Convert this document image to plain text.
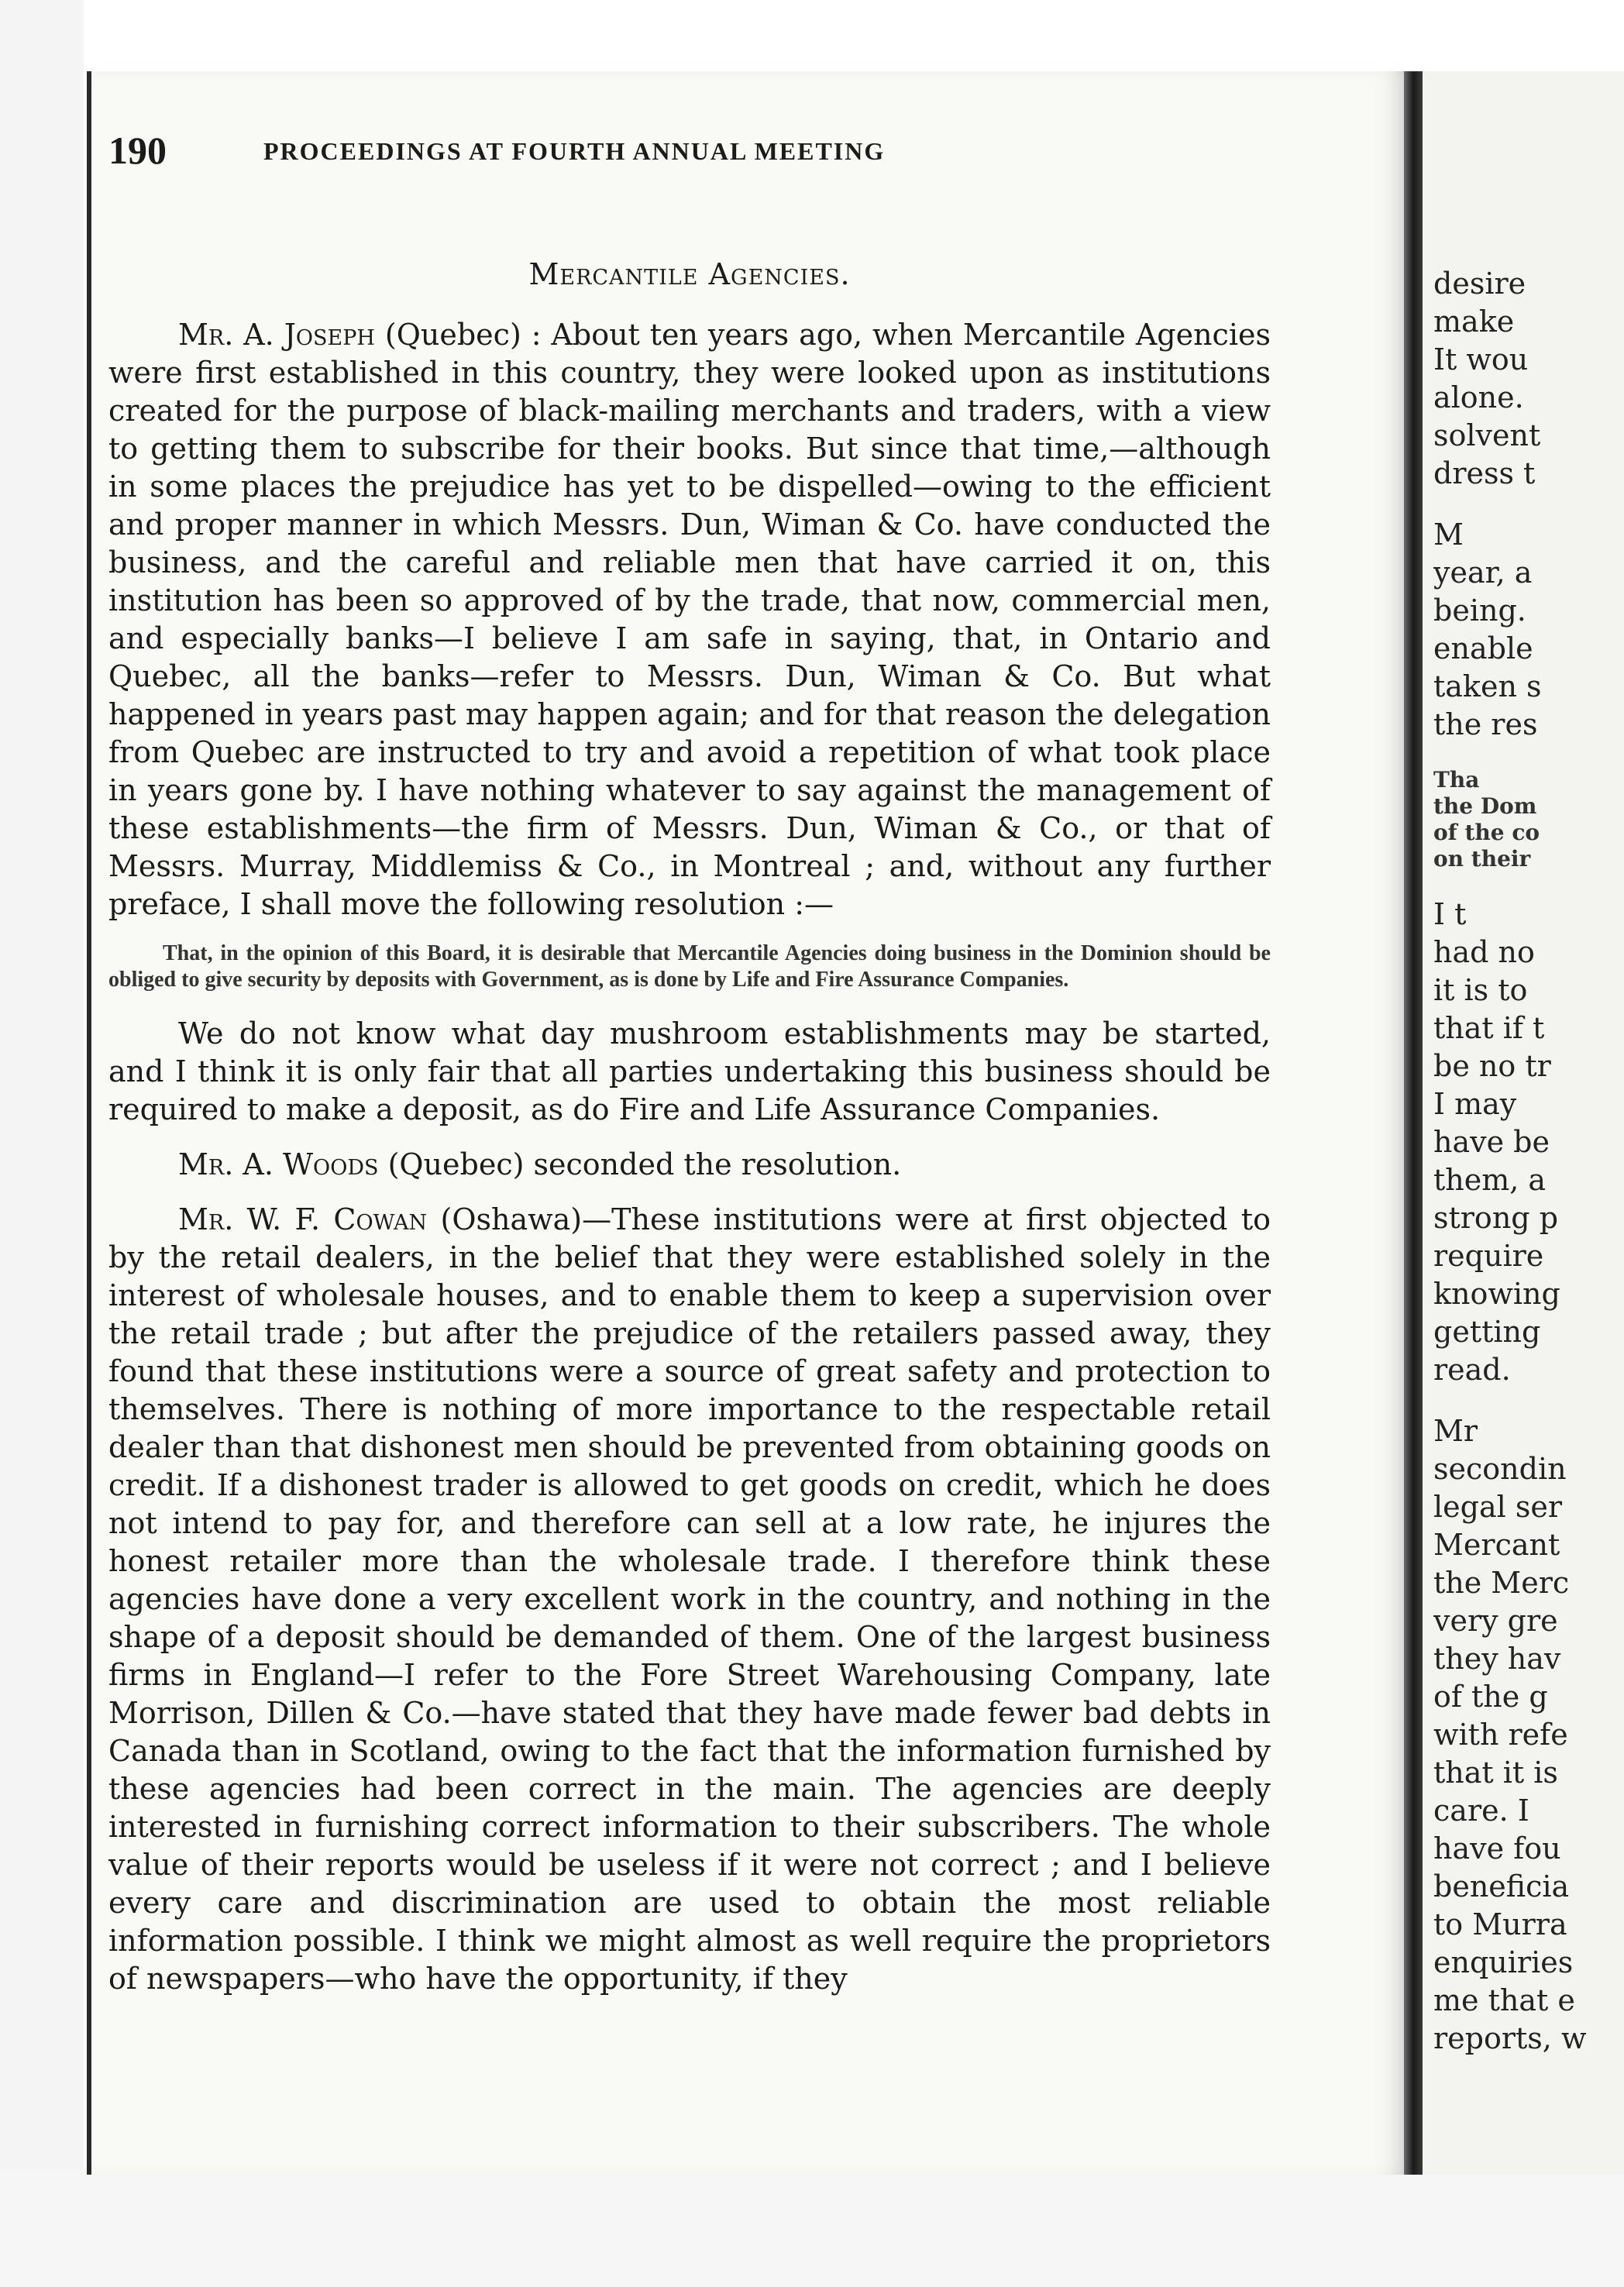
desire
make
It wou
alone.
solvent
dress t
M
year, a
being.
enable
taken s
the res
Tha
the Dom
of the co
on their
I t
had no
it is to
that if t
be no tr
I may
have be
them, a
strong p
require
knowing
getting
read.
Mr
secondin
legal ser
Mercant
the Merc
very gre
they hav
of the g
with refe
that it is
care. I
have fou
beneficia
to Murra
enquiries
me that e
reports, w
190	PROCEEDINGS AT FOURTH ANNUAL MEETING
Mercantile Agencies.

Mr. A. Joseph (Quebec) : About ten years ago, when Mercantile Agencies were first established in this country, they were looked upon as institutions created for the purpose of black-mailing merchants and traders, with a view to getting them to subscribe for their books. But since that time,—although in some places the prejudice has yet to be dispelled—owing to the efficient and proper manner in which Messrs. Dun, Wiman & Co. have conducted the business, and the careful and reliable men that have carried it on, this institution has been so approved of by the trade, that now, commercial men, and especially banks—I believe I am safe in saying, that, in Ontario and Quebec, all the banks—refer to Messrs. Dun, Wiman & Co. But what happened in years past may happen again; and for that reason the delegation from Quebec are instructed to try and avoid a repetition of what took place in years gone by. I have nothing whatever to say against the management of these establishments—the firm of Messrs. Dun, Wiman & Co., or that of Messrs. Murray, Middlemiss & Co., in Montreal ; and, without any further preface, I shall move the following resolution :—

That, in the opinion of this Board, it is desirable that Mercantile Agencies doing business in the Dominion should be obliged to give security by deposits with Government, as is done by Life and Fire Assurance Companies.

We do not know what day mushroom establishments may be started, and I think it is only fair that all parties undertaking this business should be required to make a deposit, as do Fire and Life Assurance Companies.

Mr. A. Woods (Quebec) seconded the resolution.

Mr. W. F. Cowan (Oshawa)—These institutions were at first objected to by the retail dealers, in the belief that they were established solely in the interest of wholesale houses, and to enable them to keep a supervision over the retail trade ; but after the prejudice of the retailers passed away, they found that these institutions were a source of great safety and protection to themselves. There is nothing of more importance to the respectable retail dealer than that dishonest men should be prevented from obtaining goods on credit. If a dishonest trader is allowed to get goods on credit, which he does not intend to pay for, and therefore can sell at a low rate, he injures the honest retailer more than the wholesale trade. I therefore think these agencies have done a very excellent work in the country, and nothing in the shape of a deposit should be demanded of them. One of the largest business firms in England—I refer to the Fore Street Warehousing Company, late Morrison, Dillen & Co.—have stated that they have made fewer bad debts in Canada than in Scotland, owing to the fact that the information furnished by these agencies had been correct in the main. The agencies are deeply interested in furnishing correct information to their subscribers. The whole value of their reports would be useless if it were not correct ; and I believe every care and discrimination are used to obtain the most reliable information possible. I think we might almost as well require the proprietors of newspapers—who have the opportunity, if they
